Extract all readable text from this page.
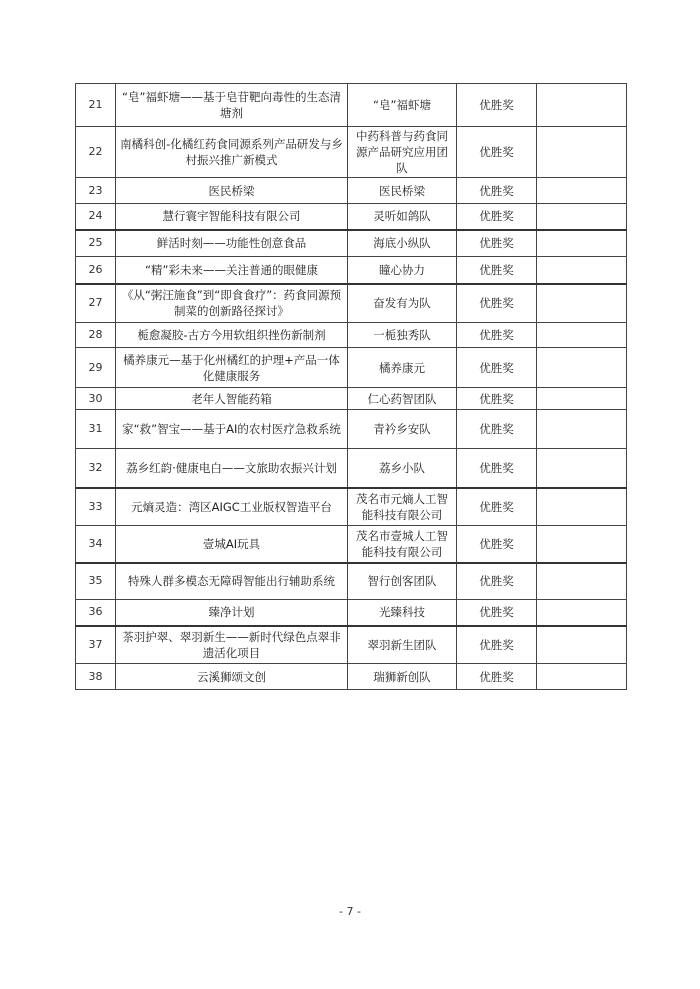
21	“皂”福虾塘——基于皂苷靶向毒性的生态清塘剂	“皂”福虾塘	优胜奖	
22	南橘科创-化橘红药食同源系列产品研发与乡村振兴推广新模式	中药科普与药食同源产品研究应用团队	优胜奖	
23	医民桥梁	医民桥梁	优胜奖	
24	慧行寰宇智能科技有限公司	灵听如鸽队	优胜奖	
25	鲜活时刻——功能性创意食品	海底小纵队	优胜奖	
26	“精”彩未来——关注普通的眼健康	瞳心协力	优胜奖	
27	《从“粥汪施食”到“即食食疗”：药食同源预制菜的创新路径探讨》	奋发有为队	优胜奖	
28	栀愈凝胶-古方今用软组织挫伤新制剂	一栀独秀队	优胜奖	
29	橘养康元—基于化州橘红的护理+产品一体化健康服务	橘养康元	优胜奖	
30	老年人智能药箱	仁心药智团队	优胜奖	
31	家“救”智宝——基于AI的农村医疗急救系统	青衿乡安队	优胜奖	
32	荔乡红韵·健康电白——文旅助农振兴计划	荔乡小队	优胜奖	
33	元熵灵造：湾区AIGC工业版权智造平台	茂名市元熵人工智能科技有限公司	优胜奖	
34	壹城AI玩具	茂名市壹城人工智能科技有限公司	优胜奖	
35	特殊人群多模态无障碍智能出行辅助系统	智行创客团队	优胜奖	
36	臻净计划	光臻科技	优胜奖	
37	茶羽护翠、翠羽新生——新时代绿色点翠非遗活化项目	翠羽新生团队	优胜奖	
38	云溪狮颂文创	瑞狮新创队	优胜奖	
- 7 -
